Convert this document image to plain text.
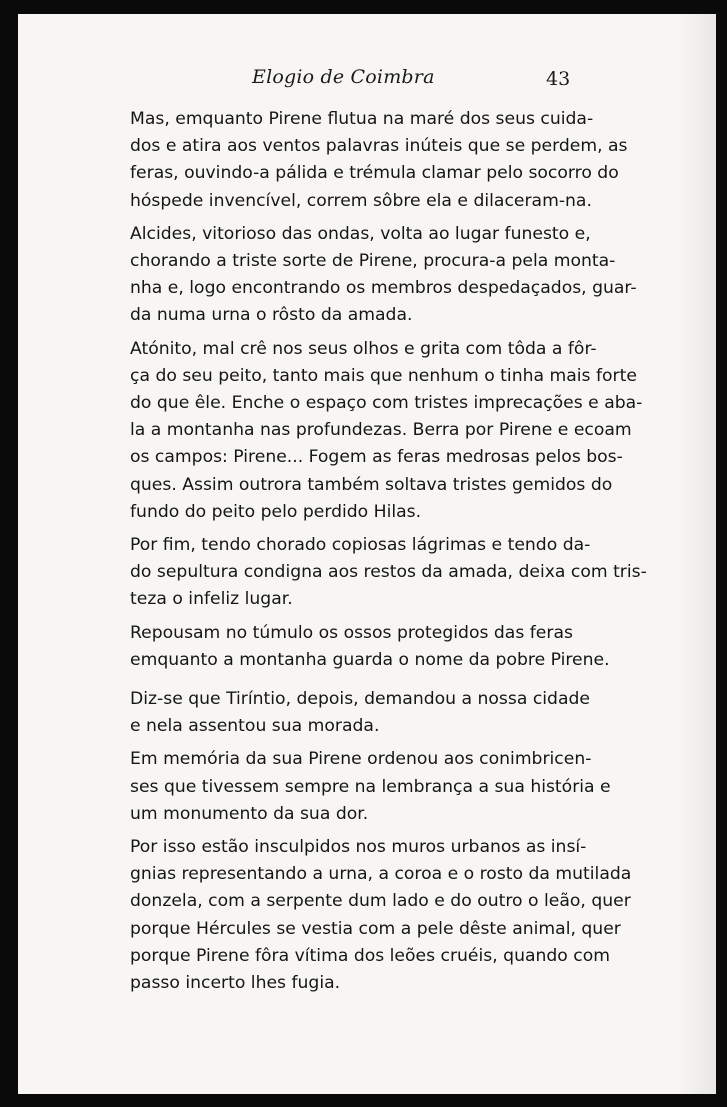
Elogio de Coimbra	43

Mas, emquanto Pirene flutua na maré dos seus cuida-
dos e atira aos ventos palavras inúteis que se perdem, as
feras, ouvindo-a pálida e trémula clamar pelo socorro do
hóspede invencível, correm sôbre ela e dilaceram-na.

Alcides, vitorioso das ondas, volta ao lugar funesto e,
chorando a triste sorte de Pirene, procura-a pela monta-
nha e, logo encontrando os membros despedaçados, guar-
da numa urna o rôsto da amada.

Atónito, mal crê nos seus olhos e grita com tôda a fôr-
ça do seu peito, tanto mais que nenhum o tinha mais forte
do que êle. Enche o espaço com tristes imprecações e aba-
la a montanha nas profundezas. Berra por Pirene e ecoam
os campos: Pirene... Fogem as feras medrosas pelos bos-
ques. Assim outrora também soltava tristes gemidos do
fundo do peito pelo perdido Hilas.

Por fim, tendo chorado copiosas lágrimas e tendo da-
do sepultura condigna aos restos da amada, deixa com tris-
teza o infeliz lugar.

Repousam no túmulo os ossos protegidos das feras
emquanto a montanha guarda o nome da pobre Pirene.

Diz-se que Tiríntio, depois, demandou a nossa cidade
e nela assentou sua morada.

Em memória da sua Pirene ordenou aos conimbricen-
ses que tivessem sempre na lembrança a sua história e
um monumento da sua dor.

Por isso estão insculpidos nos muros urbanos as insí-
gnias representando a urna, a coroa e o rosto da mutilada
donzela, com a serpente dum lado e do outro o leão, quer
porque Hércules se vestia com a pele dêste animal, quer
porque Pirene fôra vítima dos leões cruéis, quando com
passo incerto lhes fugia.
